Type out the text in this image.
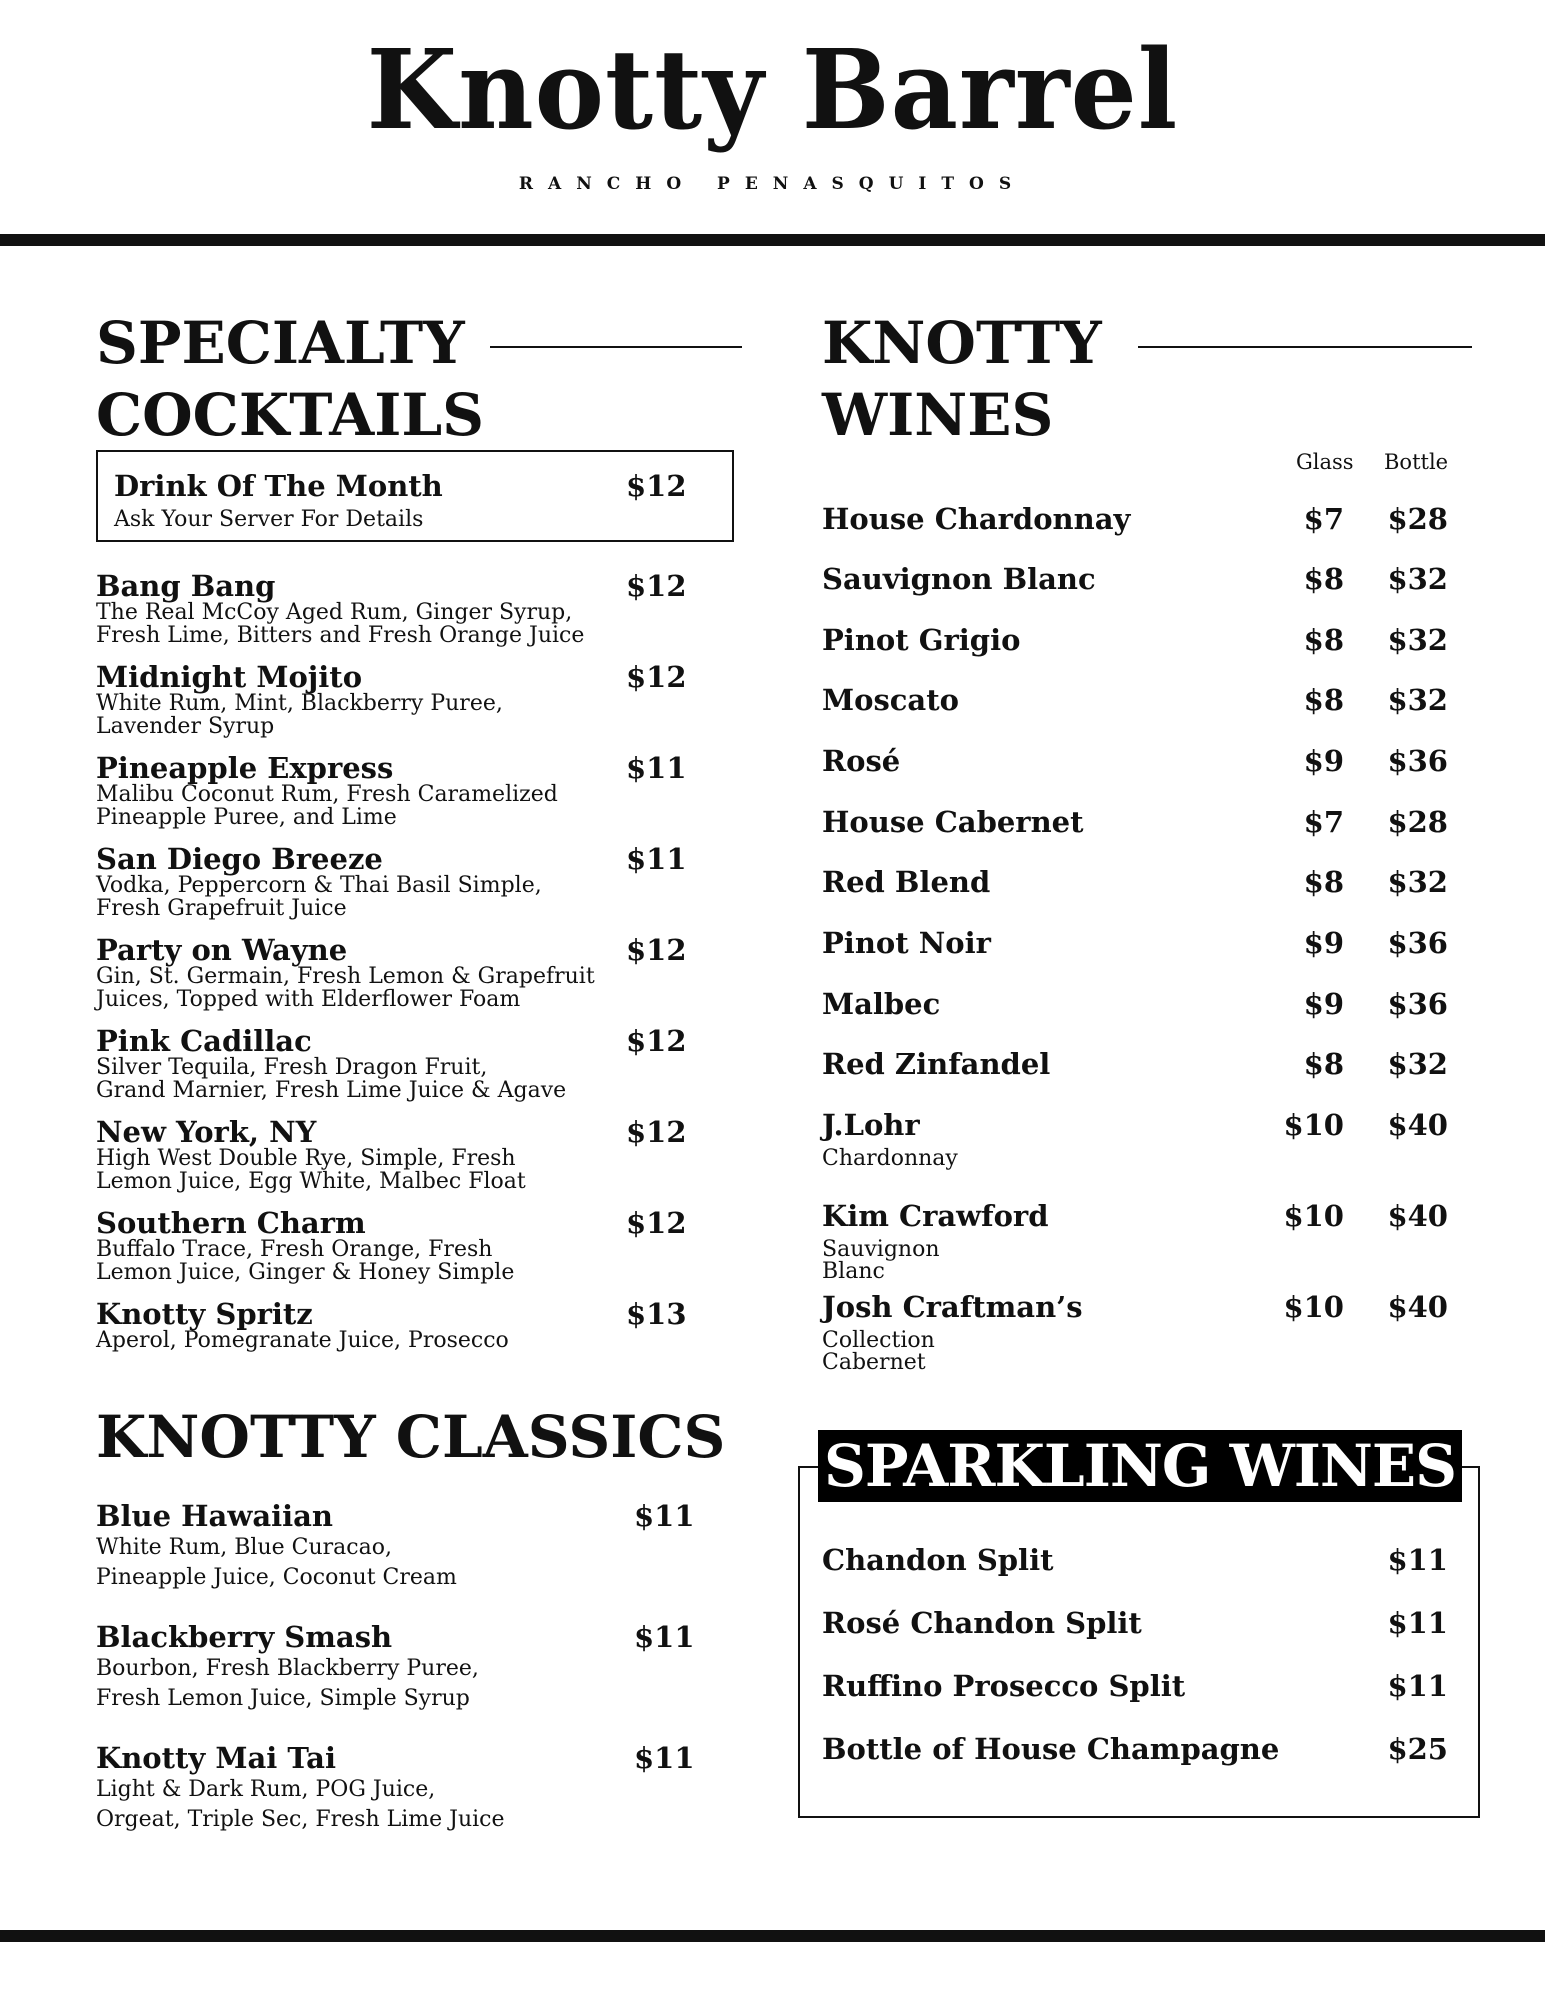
Knotty Barrel
RANCHO PENASQUITOS
SPECIALTY
COCKTAILS
Drink Of The Month
Ask Your Server For Details
$12
Bang Bang
The Real McCoy Aged Rum, Ginger Syrup,
Fresh Lime, Bitters and Fresh Orange Juice
$12
Midnight Mojito
White Rum, Mint, Blackberry Puree,
Lavender Syrup
$12
Pineapple Express
Malibu Coconut Rum, Fresh Caramelized
Pineapple Puree, and Lime
$11
San Diego Breeze
Vodka, Peppercorn & Thai Basil Simple,
Fresh Grapefruit Juice
$11
Party on Wayne
Gin, St. Germain, Fresh Lemon & Grapefruit
Juices, Topped with Elderflower Foam
$12
Pink Cadillac
Silver Tequila, Fresh Dragon Fruit,
Grand Marnier, Fresh Lime Juice & Agave
$12
New York, NY
High West Double Rye, Simple, Fresh
Lemon Juice, Egg White, Malbec Float
$12
Southern Charm
Buffalo Trace, Fresh Orange, Fresh
Lemon Juice, Ginger & Honey Simple
$12
Knotty Spritz
Aperol, Pomegranate Juice, Prosecco
$13
KNOTTY CLASSICS
Blue Hawaiian
White Rum, Blue Curacao,
Pineapple Juice, Coconut Cream
$11
Blackberry Smash
Bourbon, Fresh Blackberry Puree,
Fresh Lemon Juice, Simple Syrup
$11
Knotty Mai Tai
Light & Dark Rum, POG Juice,
Orgeat, Triple Sec, Fresh Lime Juice
$11
KNOTTY
WINES
Glass Bottle
House Chardonnay	$7	$28
Sauvignon Blanc	$8	$32
Pinot Grigio	$8	$32
Moscato	$8	$32
Rosé	$9	$36
House Cabernet	$7	$28
Red Blend	$8	$32
Pinot Noir	$9	$36
Malbec	$9	$36
Red Zinfandel	$8	$32
J.Lohr
Chardonnay
$10	$40
Kim Crawford
Sauvignon Blanc
$10	$40
Josh Craftman’s
Collection Cabernet
$10	$40
SPARKLING WINES
Chandon Split	$11
Rosé Chandon Split	$11
Ruffino Prosecco Split	$11
Bottle of House Champagne	$25
